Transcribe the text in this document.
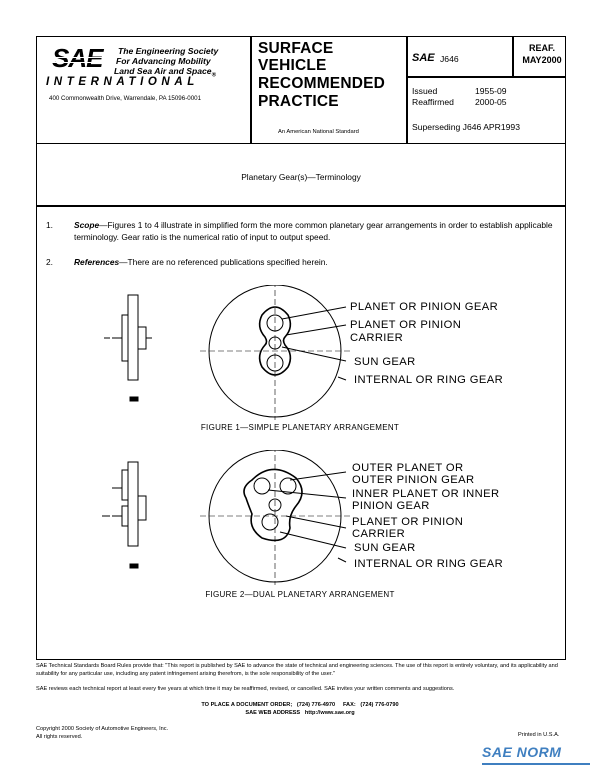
The Engineering Society
For Advancing Mobility
Land Sea Air and Space$_®$
INTERNATIONAL
400 Commonwealth Drive, Warrendale, PA 15096-0001
SURFACE
VEHICLE
RECOMMENDED
PRACTICE
An American National Standard
SAE J646
REAF.
MAY2000
Issued	1955-09
Reaffirmed 2000-05
Superseding J646 APR1993
Planetary Gear(s)—Terminology
1.	Scope—Figures 1 to 4 illustrate in simplified form the more common planetary gear arrangements in order to establish applicable terminology. Gear ratio is the numerical ratio of input to output speed.
2.	References—There are no referenced publications specified herein.
PLANET OR PINION GEAR
PLANET OR PINION
CARRIER
SUN GEAR
INTERNAL OR RING GEAR
FIGURE 1—SIMPLE PLANETARY ARRANGEMENT
OUTER PLANET OR
OUTER PINION GEAR
INNER PLANET OR INNER
PINION GEAR
PLANET OR PINION
CARRIER
SUN GEAR
INTERNAL OR RING GEAR
FIGURE 2—DUAL PLANETARY ARRANGEMENT
SAE Technical Standards Board Rules provide that: "This report is published by SAE to advance the state of technical and engineering sciences. The use of this report is entirely voluntary, and its applicability and suitability for any particular use, including any patent infringement arising therefrom, is the sole responsibility of the user."
SAE reviews each technical report at least every five years at which time it may be reaffirmed, revised, or cancelled. SAE invites your written comments and suggestions.
TO PLACE A DOCUMENT ORDER; (724) 776-4970 FAX: (724) 776-0790
SAE WEB ADDRESS http://www.sae.org
Copyright 2000 Society of Automotive Engineers, Inc.
All rights reserved.	Printed in U.S.A.
SAE NORM
